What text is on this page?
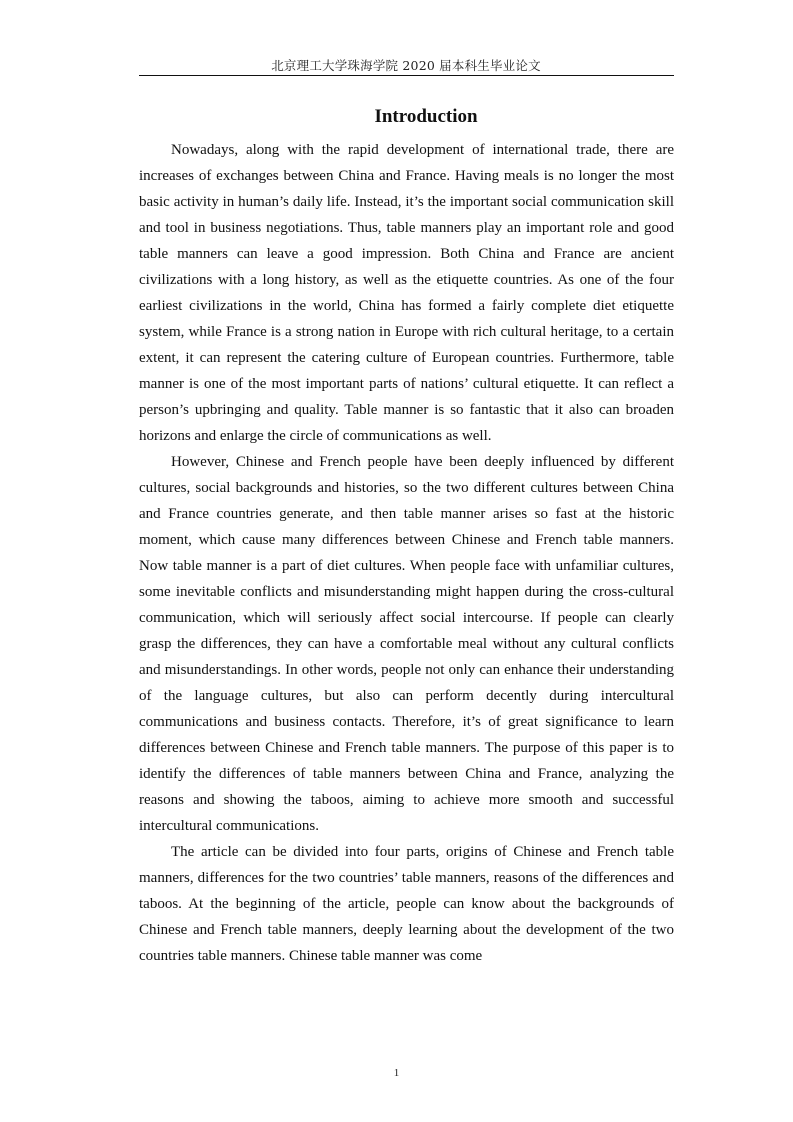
北京理工大学珠海学院 2020 届本科生毕业论文
Introduction

Nowadays, along with the rapid development of international trade, there are increases of exchanges between China and France. Having meals is no longer the most basic activity in human’s daily life. Instead, it’s the important social communication skill and tool in business negotiations. Thus, table manners play an important role and good table manners can leave a good impression. Both China and France are ancient civilizations with a long history, as well as the etiquette countries. As one of the four earliest civilizations in the world, China has formed a fairly complete diet etiquette system, while France is a strong nation in Europe with rich cultural heritage, to a certain extent, it can represent the catering culture of European countries. Furthermore, table manner is one of the most important parts of nations’ cultural etiquette. It can reflect a person’s upbringing and quality. Table manner is so fantastic that it also can broaden horizons and enlarge the circle of communications as well.

However, Chinese and French people have been deeply influenced by different cultures, social backgrounds and histories, so the two different cultures between China and France countries generate, and then table manner arises so fast at the historic moment, which cause many differences between Chinese and French table manners. Now table manner is a part of diet cultures. When people face with unfamiliar cultures, some inevitable conflicts and misunderstanding might happen during the cross-cultural communication, which will seriously affect social intercourse. If people can clearly grasp the differences, they can have a comfortable meal without any cultural conflicts and misunderstandings. In other words, people not only can enhance their understanding of the language cultures, but also can perform decently during intercultural communications and business contacts. Therefore, it’s of great significance to learn differences between Chinese and French table manners. The purpose of this paper is to identify the differences of table manners between China and France, analyzing the reasons and showing the taboos, aiming to achieve more smooth and successful intercultural communications.

The article can be divided into four parts, origins of Chinese and French table manners, differences for the two countries’ table manners, reasons of the differences and taboos. At the beginning of the article, people can know about the backgrounds of Chinese and French table manners, deeply learning about the development of the two countries table manners. Chinese table manner was come

1
